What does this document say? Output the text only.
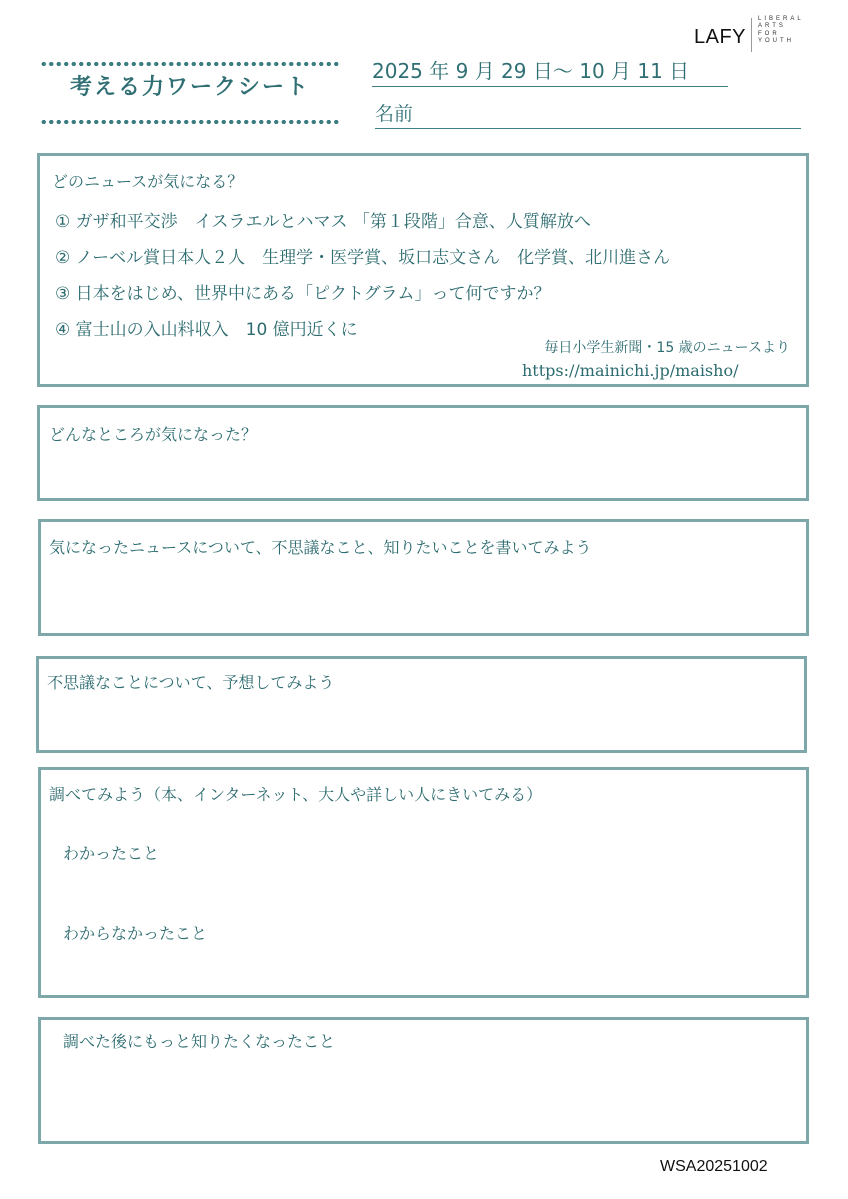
LAFY
LIBERAL
ARTS
FOR
YOUTH
考える力ワークシート
2025 年 9 月 29 日～ 10 月 11 日
名前
どのニュースが気になる？
① ガザ和平交渉　イスラエルとハマス 「第１段階」合意、人質解放へ
② ノーベル賞日本人２人　生理学・医学賞、坂口志文さん　化学賞、北川進さん
③ 日本をはじめ、世界中にある「ピクトグラム」って何ですか？
④ 富士山の入山料収入　10 億円近くに
毎日小学生新聞・15 歳のニュースより
https://mainichi.jp/maisho/
どんなところが気になった？
気になったニュースについて、不思議なこと、知りたいことを書いてみよう
不思議なことについて、予想してみよう
調べてみよう（本、インターネット、大人や詳しい人にきいてみる）
わかったこと
わからなかったこと
調べた後にもっと知りたくなったこと
WSA20251002
